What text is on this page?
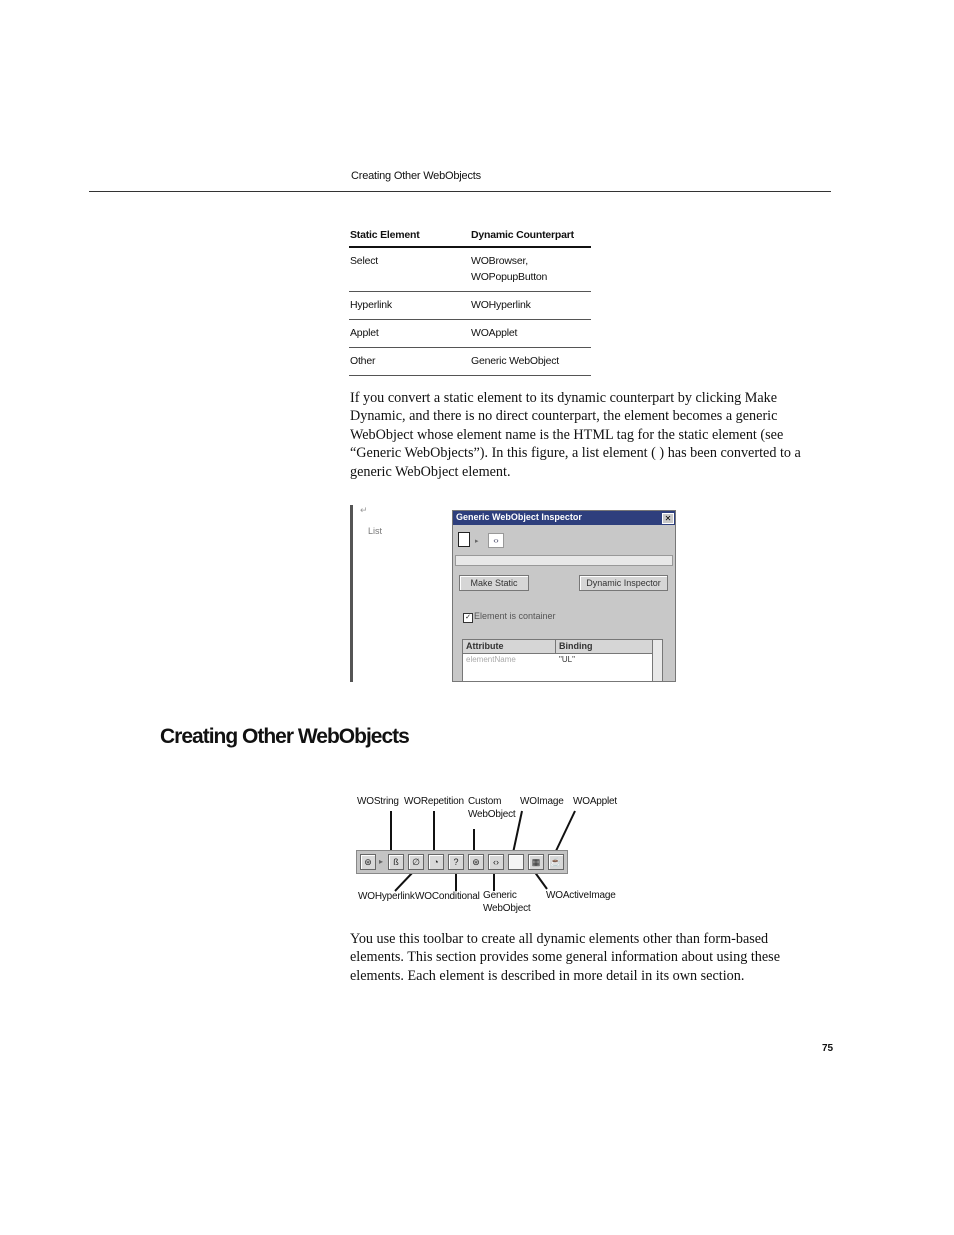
Creating Other WebObjects
Static Element	Dynamic Counterpart
Select	WOBrowser,
WOPopupButton
Hyperlink	WOHyperlink
Applet	WOApplet
Other	Generic WebObject

If you convert a static element to its dynamic counterpart by clicking Make Dynamic, and there is no direct counterpart, the element becomes a generic WebObject whose element name is the HTML tag for the static element (see “Generic WebObjects”). In this figure, a list element ( ) has been converted to a generic WebObject element.

↵
List
Generic WebObject Inspector	✕
▸	‹›
Make Static	Dynamic Inspector
✓ Element is container
Attribute	Binding
elementName	"UL"
Creating Other WebObjects
WOString WORepetition Custom
WebObject
WOImage WOApplet
⊛ ▸	ß	∅	◔	?	⊛	‹›	▦	☕
WOHyperlink WOConditional Generic
WebObject
WOActiveImage

You use this toolbar to create all dynamic elements other than form-based elements. This section provides some general information about using these elements. Each element is described in more detail in its own section.

75
